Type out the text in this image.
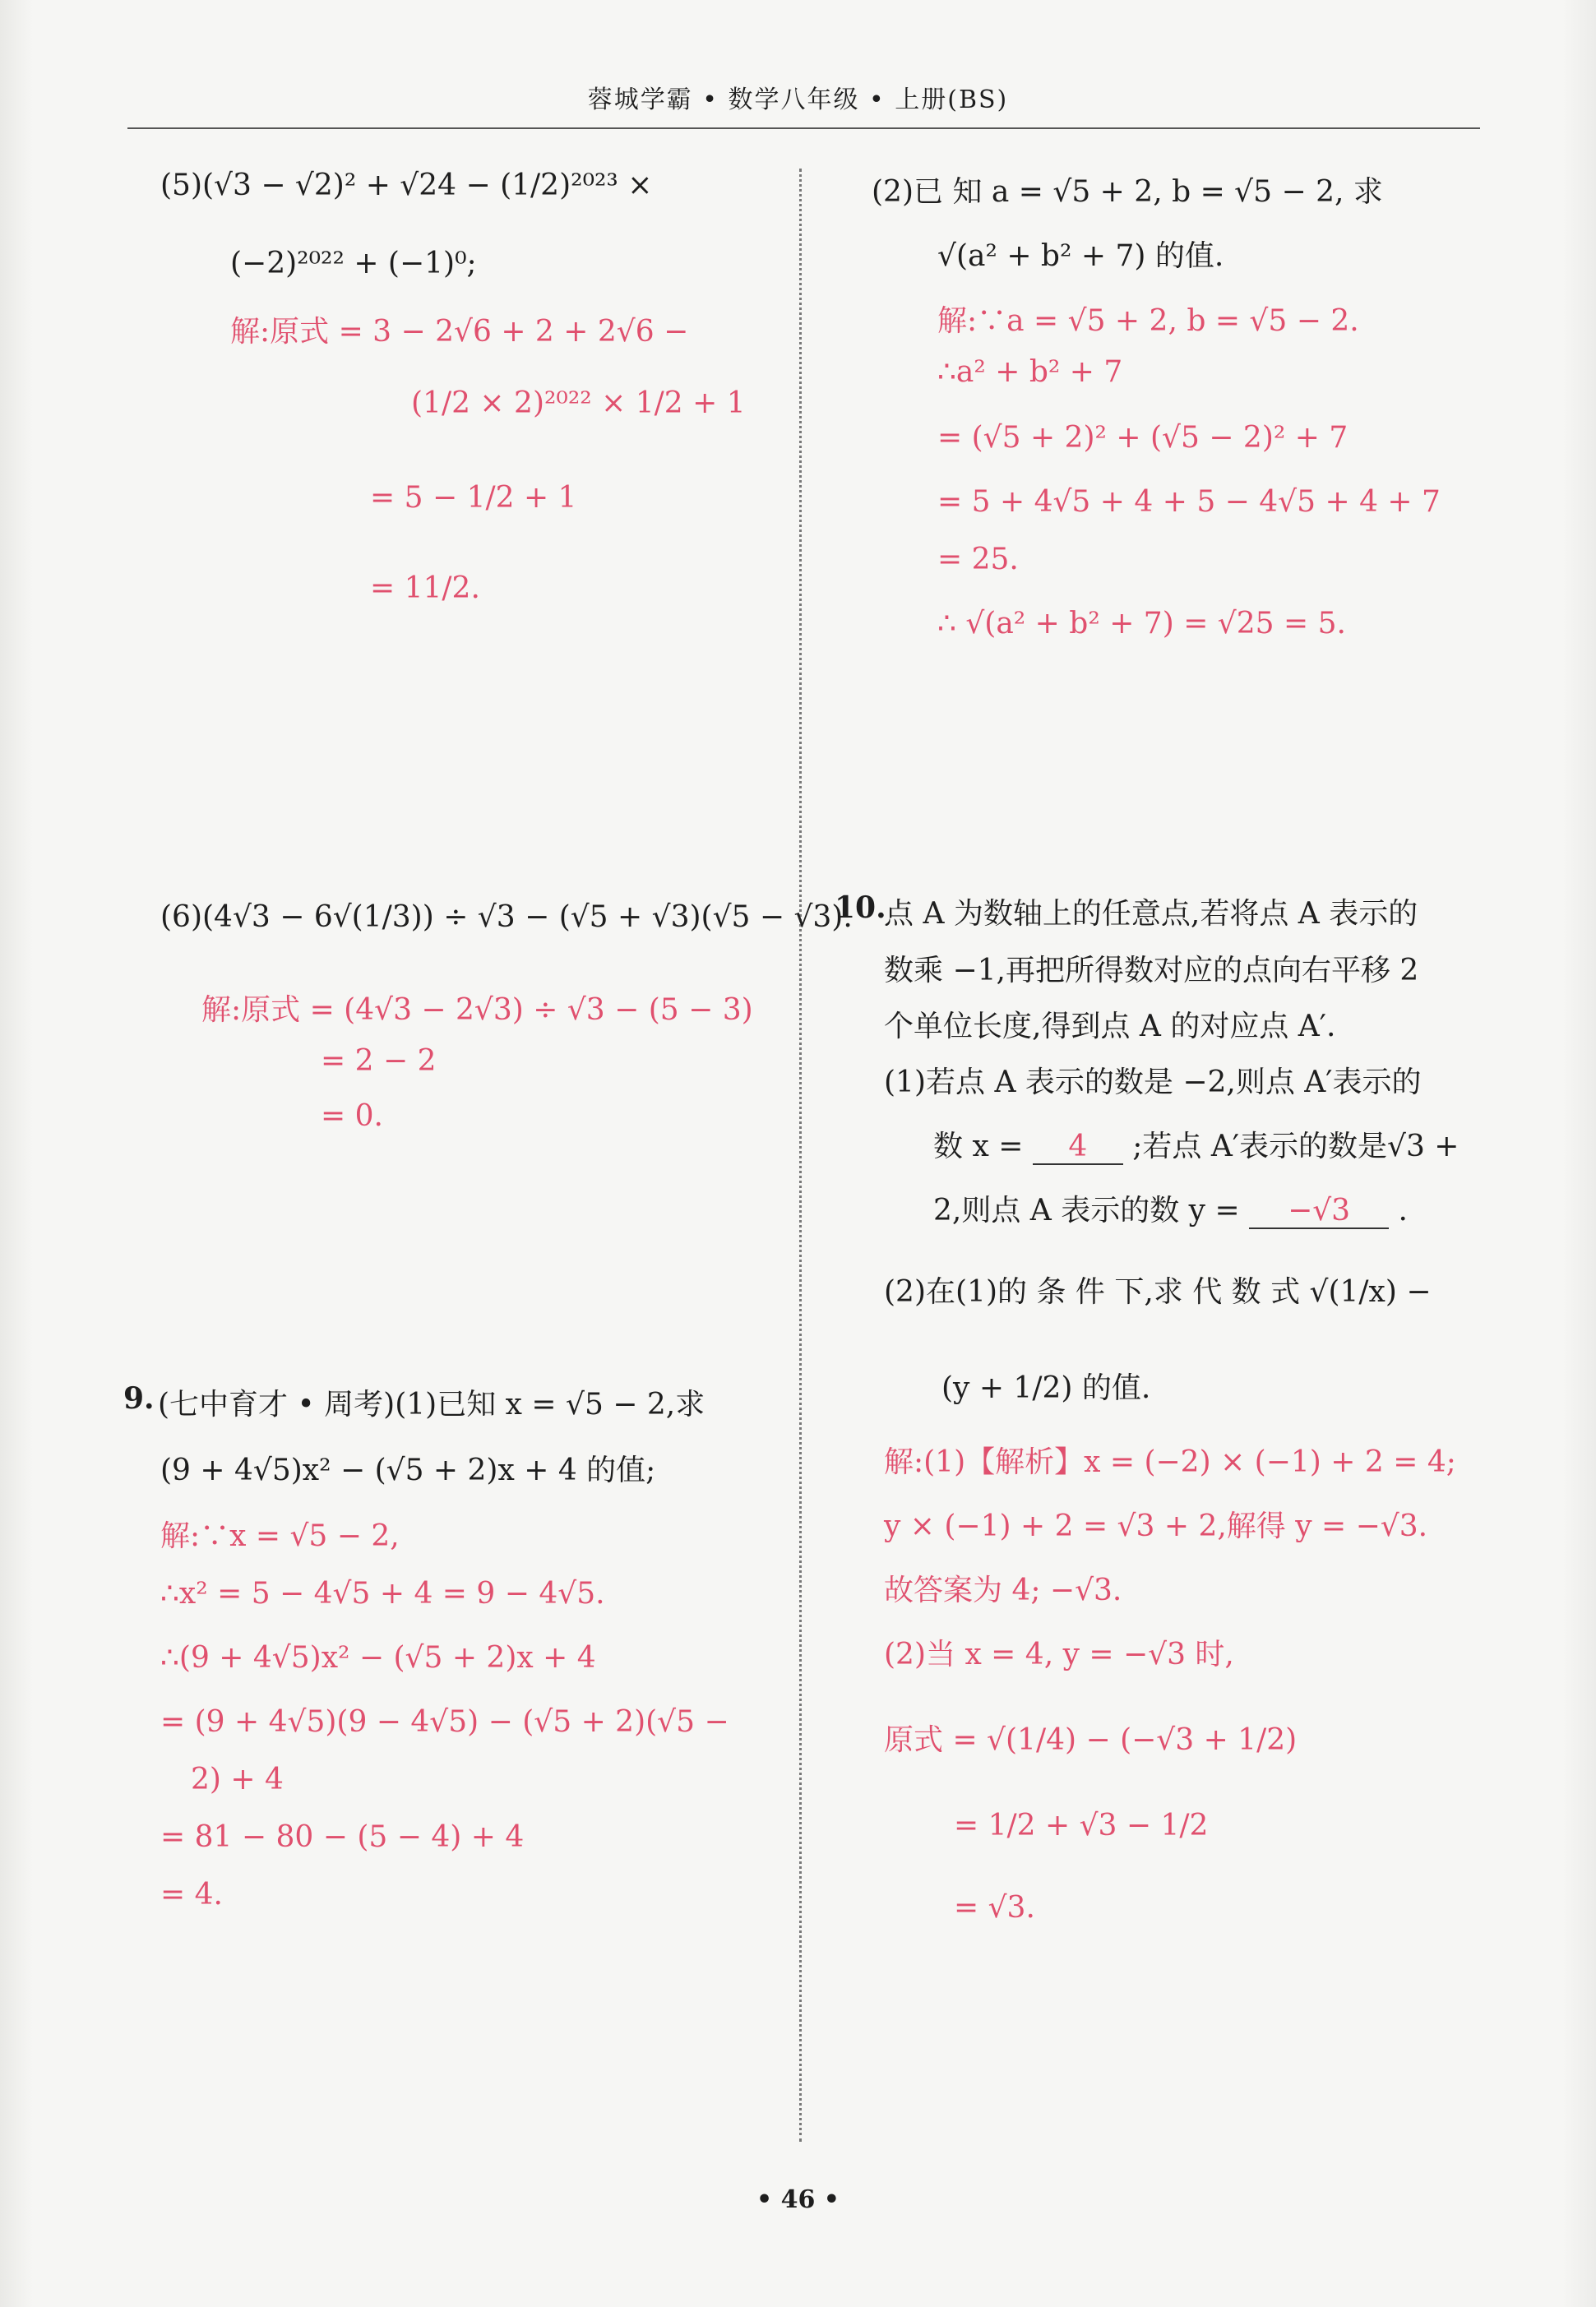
蓉城学霸 • 数学八年级 • 上册(BS)
(5)(√3 − √2)² + √24 − (1/2)²⁰²³ ×
(−2)²⁰²² + (−1)⁰;
解:原式 = 3 − 2√6 + 2 + 2√6 −
(1/2 × 2)²⁰²² × 1/2 + 1
= 5 − 1/2 + 1
= 11/2.
(6)(4√3 − 6√(1/3)) ÷ √3 − (√5 + √3)(√5 − √3).
解:原式 = (4√3 − 2√3) ÷ √3 − (5 − 3)
= 2 − 2
= 0.
9. (七中育才 • 周考)(1)已知 x = √5 − 2,求
(9 + 4√5)x² − (√5 + 2)x + 4 的值;
解:∵x = √5 − 2,
∴x² = 5 − 4√5 + 4 = 9 − 4√5.
∴(9 + 4√5)x² − (√5 + 2)x + 4
= (9 + 4√5)(9 − 4√5) − (√5 + 2)(√5 −
2) + 4
= 81 − 80 − (5 − 4) + 4
= 4.
(2)已 知 a = √5 + 2, b = √5 − 2, 求
√(a² + b² + 7) 的值.
解:∵a = √5 + 2, b = √5 − 2.
∴a² + b² + 7
= (√5 + 2)² + (√5 − 2)² + 7
= 5 + 4√5 + 4 + 5 − 4√5 + 4 + 7
= 25.
∴ √(a² + b² + 7) = √25 = 5.
10.
点 A 为数轴上的任意点,若将点 A 表示的
数乘 −1,再把所得数对应的点向右平移 2
个单位长度,得到点 A 的对应点 A′.
(1)若点 A 表示的数是 −2,则点 A′表示的
数 x = 4 ;若点 A′表示的数是√3 +
2,则点 A 表示的数 y = −√3 .
(2)在(1)的 条 件 下,求 代 数 式 √(1/x) −
(y + 1/2) 的值.
解:(1)【解析】x = (−2) × (−1) + 2 = 4;
y × (−1) + 2 = √3 + 2,解得 y = −√3.
故答案为 4; −√3.
(2)当 x = 4, y = −√3 时,
原式 = √(1/4) − (−√3 + 1/2)
= 1/2 + √3 − 1/2
= √3.
• 46 •
